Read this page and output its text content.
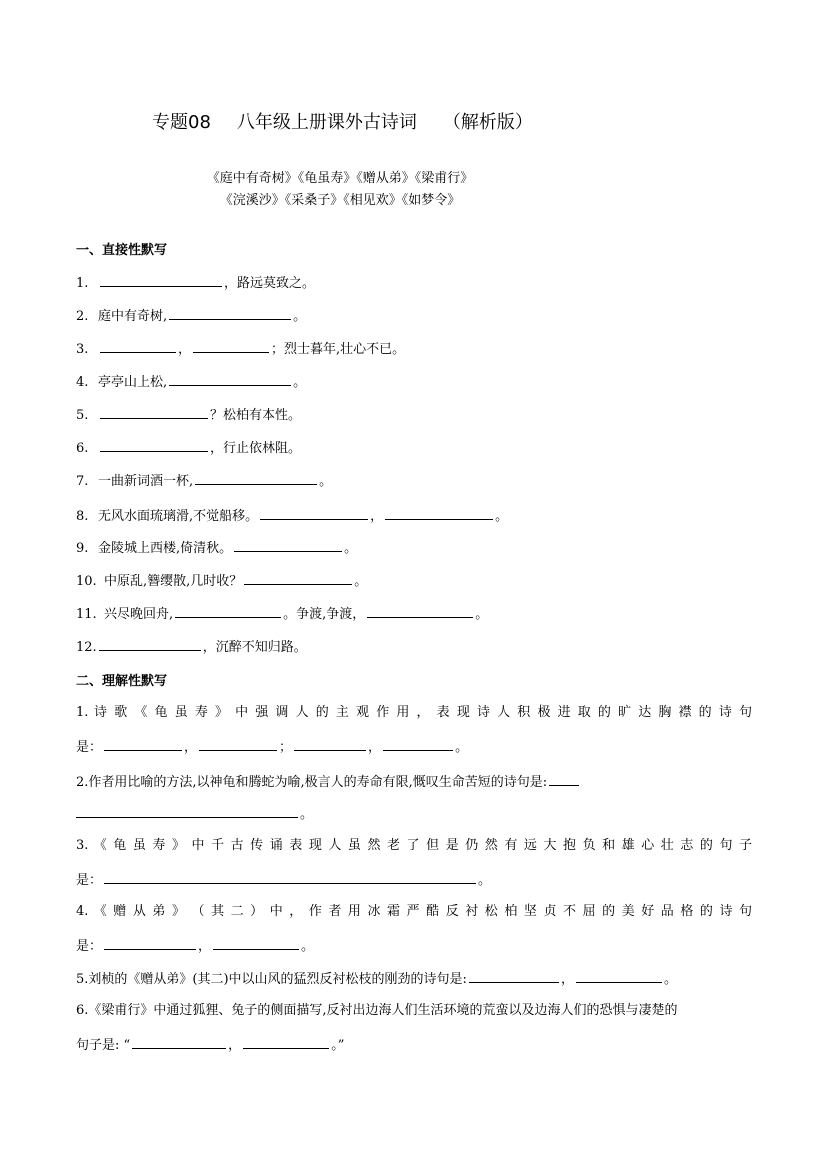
专题08 八年级上册课外古诗词 （解析版）
《庭中有奇树》《龟虽寿》《赠从弟》《梁甫行》
《浣溪沙》《采桑子》《相见欢》《如梦令》
一、直接性默写
1.	，路远莫致之。
2. 庭中有奇树,	。
3.	，	；烈士暮年,壮心不已。
4. 亭亭山上松,	。
5.	？松柏有本性。
6.	，行止依林阻。
7. 一曲新词酒一杯,	。
8. 无风水面琉璃滑,不觉船移。	，	。
9. 金陵城上西楼,倚清秋。	。
10. 中原乱,簪缨散,几时收？	。
11. 兴尽晚回舟,	。争渡,争渡，	。
12.	，沉醉不知归路。
二、理解性默写
1. 诗 歌 《 龟 虽 寿 》 中 强 调 人 的 主 观 作 用 ， 表 现 诗 人 积 极 进 取 的 旷 达 胸 襟 的 诗 句
是：	，	；	，	。
2.作者用比喻的方法,以神龟和腾蛇为喻,极言人的寿命有限,慨叹生命苦短的诗句是:
。
3. 《 龟 虽 寿 》 中 千 古 传 诵 表 现 人 虽 然 老 了 但 是 仍 然 有 远 大 抱 负 和 雄 心 壮 志 的 句 子
是：	。
4. 《 赠 从 弟 》 （ 其 二 ） 中 ， 作 者 用 冰 霜 严 酷 反 衬 松 柏 坚 贞 不 屈 的 美 好 品 格 的 诗 句
是：	，	。
5.刘桢的《赠从弟》(其二)中以山风的猛烈反衬松枝的刚劲的诗句是:	，	。
6.《梁甫行》中通过狐狸、兔子的侧面描写,反衬出边海人们生活环境的荒蛮以及边海人们的恐惧与凄楚的
句子是: “	，	。”
